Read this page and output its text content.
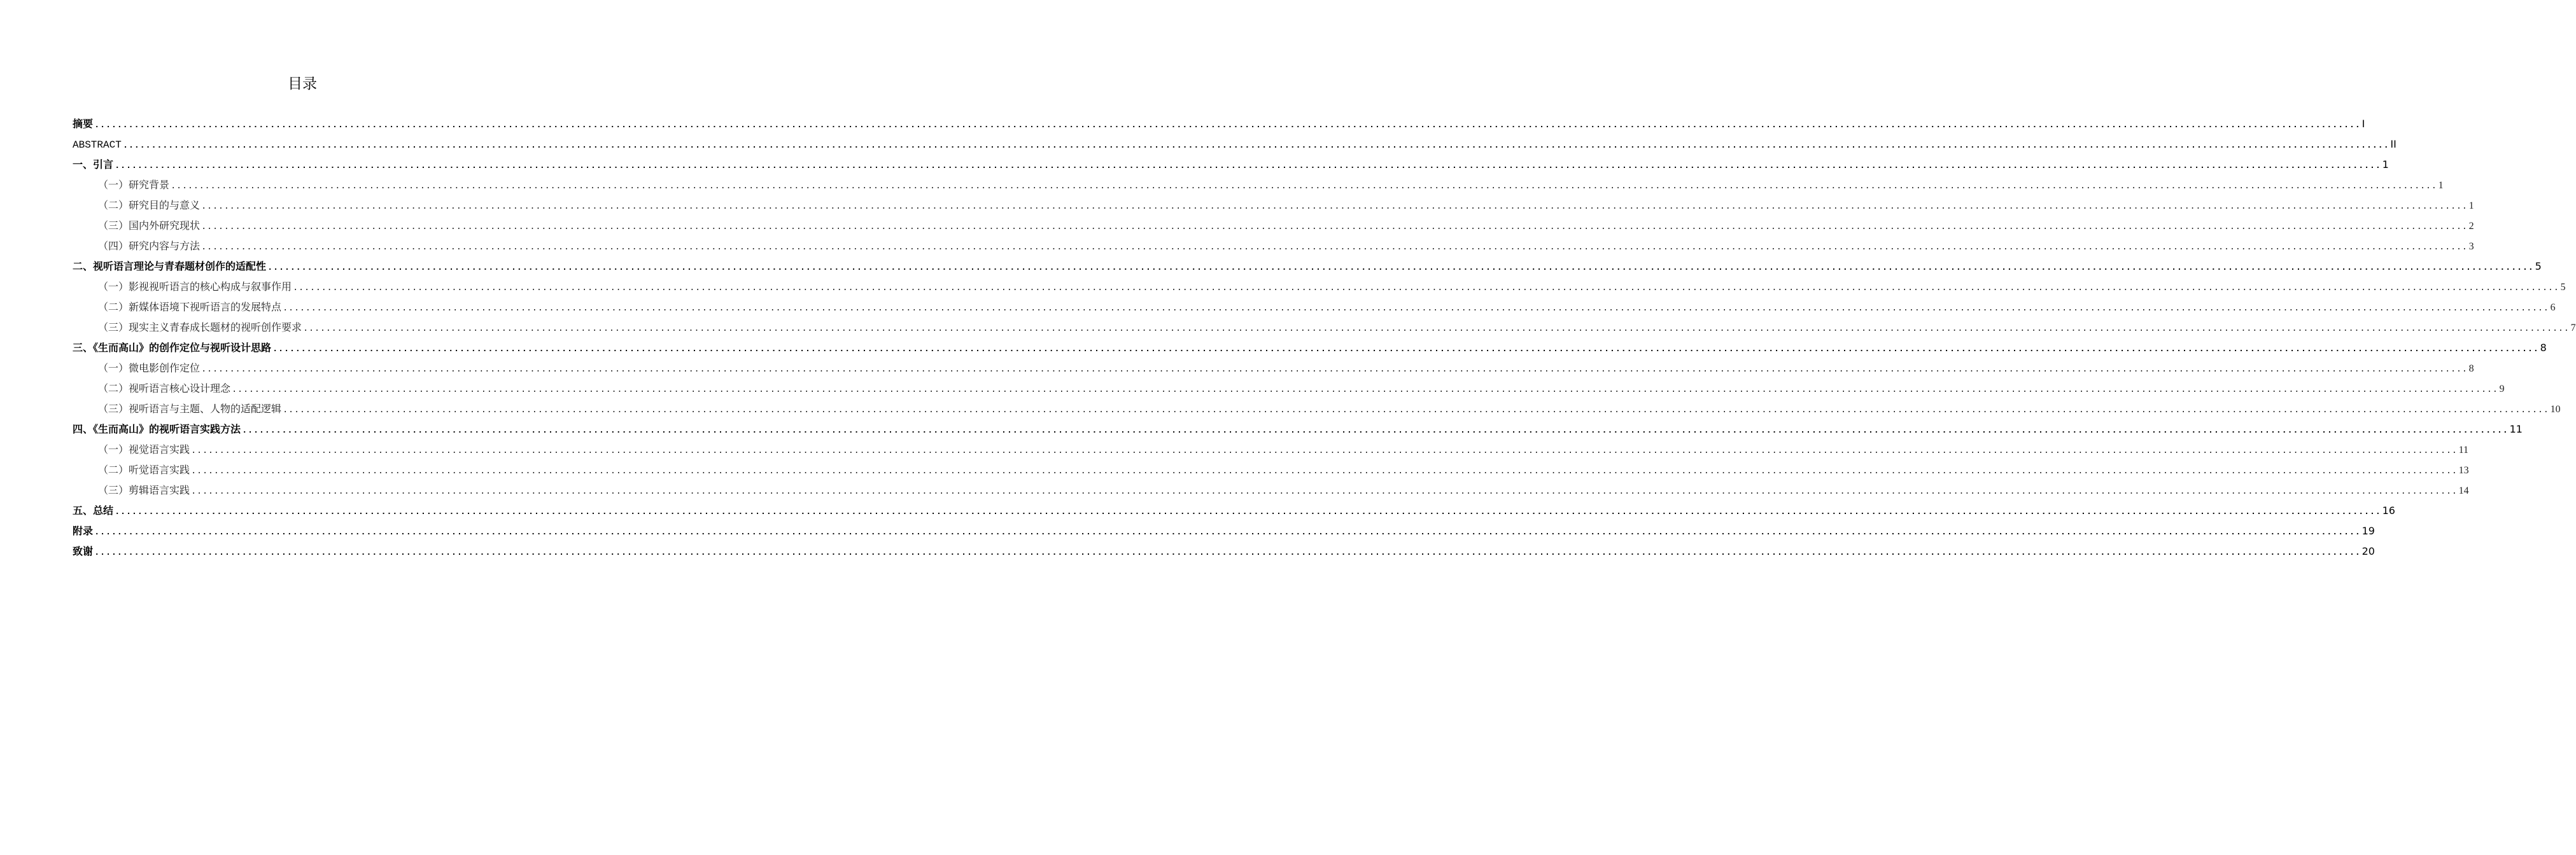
目录
摘要 ................................................................................................................................................................................................................................................................................................................................................................................................................ I
ABSTRACT ................................................................................................................................................................................................................................................................................................................................................................................................................ II
一、引言 ................................................................................................................................................................................................................................................................................................................................................................................................................ 1
（一）研究背景 ................................................................................................................................................................................................................................................................................................................................................................................................................ 1
（二）研究目的与意义 ................................................................................................................................................................................................................................................................................................................................................................................................................ 1
（三）国内外研究现状 ................................................................................................................................................................................................................................................................................................................................................................................................................ 2
（四）研究内容与方法 ................................................................................................................................................................................................................................................................................................................................................................................................................ 3
二、视听语言理论与青春题材创作的适配性 ................................................................................................................................................................................................................................................................................................................................................................................................................ 5
（一）影视视听语言的核心构成与叙事作用 ................................................................................................................................................................................................................................................................................................................................................................................................................ 5
（二）新媒体语境下视听语言的发展特点 ................................................................................................................................................................................................................................................................................................................................................................................................................ 6
（三）现实主义青春成长题材的视听创作要求 ................................................................................................................................................................................................................................................................................................................................................................................................................ 7
三、《生而高山》的创作定位与视听设计思路 ................................................................................................................................................................................................................................................................................................................................................................................................................ 8
（一）微电影创作定位 ................................................................................................................................................................................................................................................................................................................................................................................................................ 8
（二）视听语言核心设计理念 ................................................................................................................................................................................................................................................................................................................................................................................................................ 9
（三）视听语言与主题、人物的适配逻辑 ................................................................................................................................................................................................................................................................................................................................................................................................................ 10
四、《生而高山》的视听语言实践方法 ................................................................................................................................................................................................................................................................................................................................................................................................................ 11
（一）视觉语言实践 ................................................................................................................................................................................................................................................................................................................................................................................................................ 11
（二）听觉语言实践 ................................................................................................................................................................................................................................................................................................................................................................................................................ 13
（三）剪辑语言实践 ................................................................................................................................................................................................................................................................................................................................................................................................................ 14
五、总结 ................................................................................................................................................................................................................................................................................................................................................................................................................ 16
附录 ................................................................................................................................................................................................................................................................................................................................................................................................................ 19
致谢 ................................................................................................................................................................................................................................................................................................................................................................................................................ 20
